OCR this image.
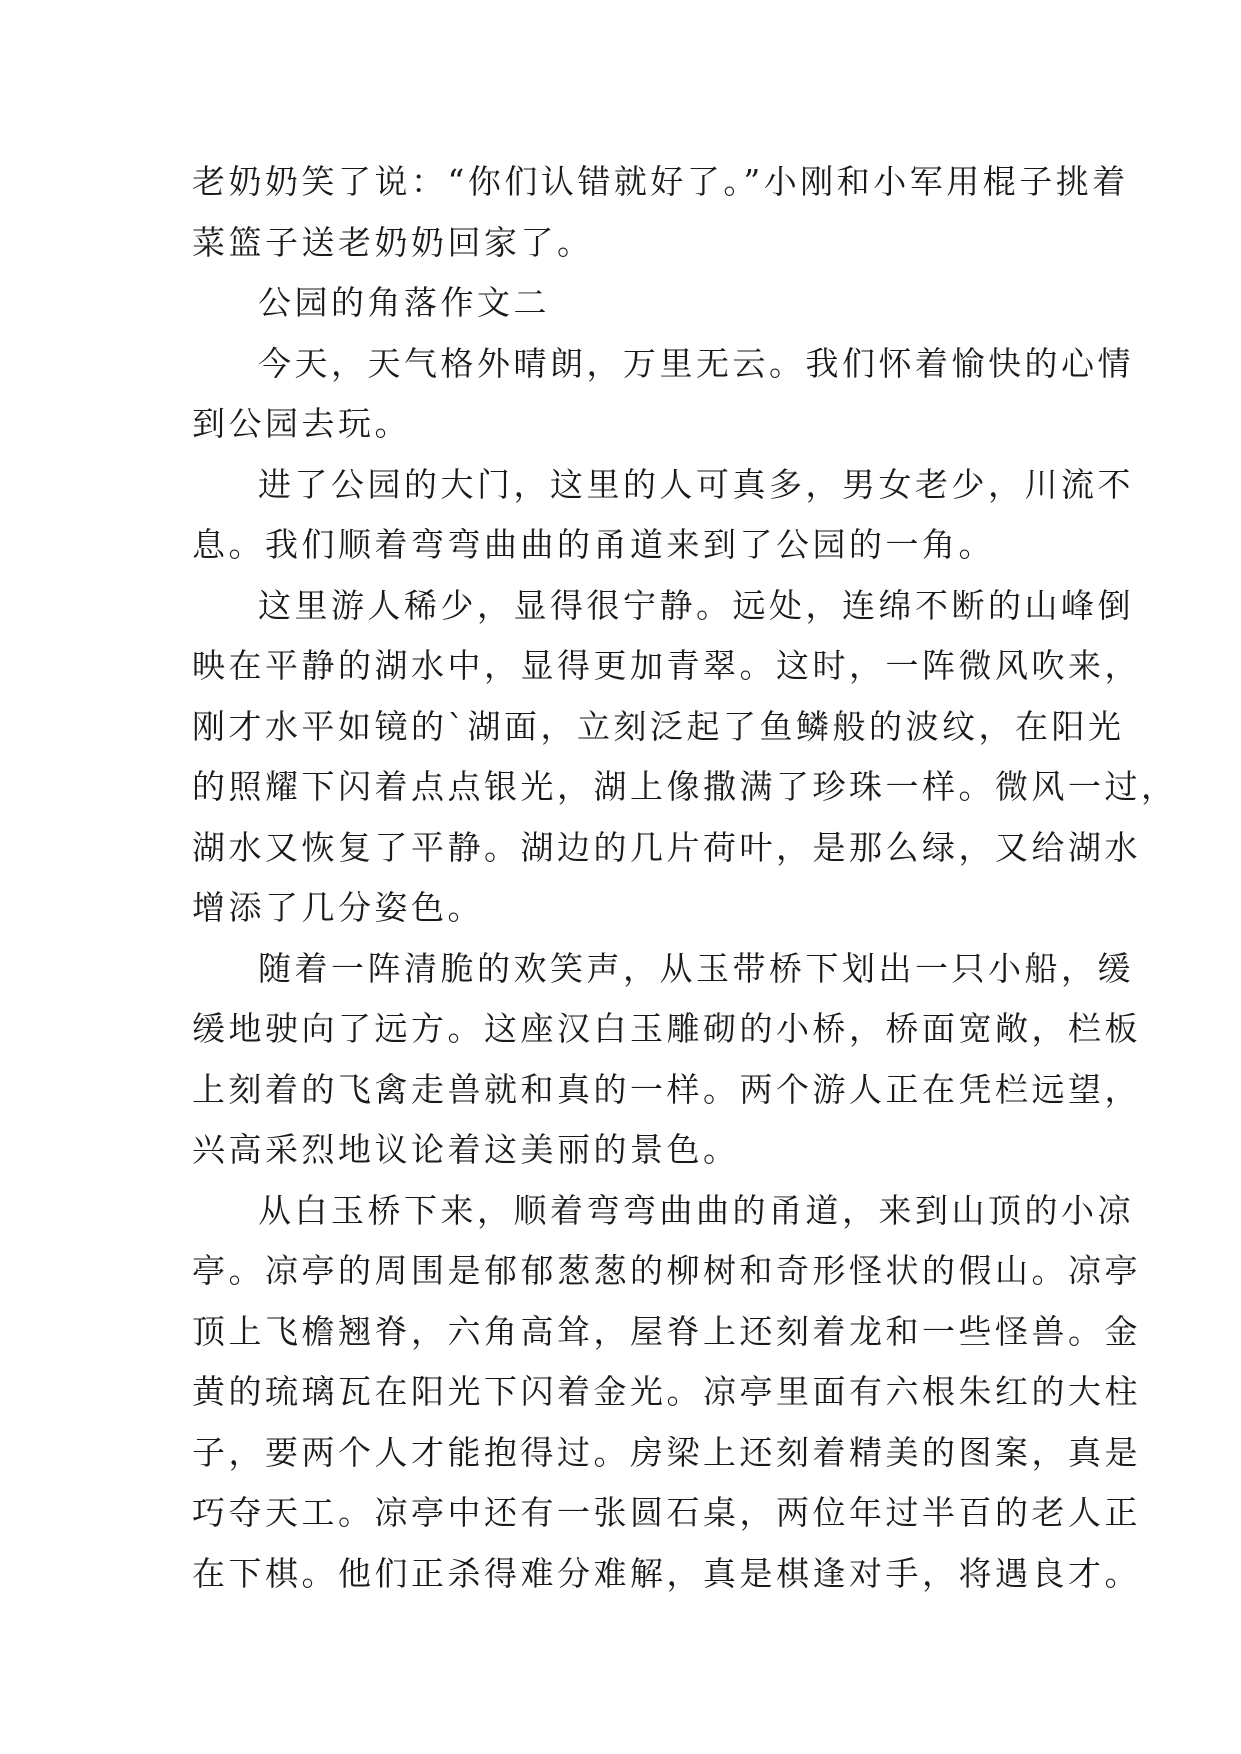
老奶奶笑了说：“你们认错就好了。”小刚和小军用棍子挑着
菜篮子送老奶奶回家了。
公园的角落作文二
今天，天气格外晴朗，万里无云。我们怀着愉快的心情
到公园去玩。
进了公园的大门，这里的人可真多，男女老少，川流不
息。我们顺着弯弯曲曲的甬道来到了公园的一角。
这里游人稀少，显得很宁静。远处，连绵不断的山峰倒
映在平静的湖水中，显得更加青翠。这时，一阵微风吹来，
刚才水平如镜的`湖面，立刻泛起了鱼鳞般的波纹，在阳光
的照耀下闪着点点银光，湖上像撒满了珍珠一样。微风一过，
湖水又恢复了平静。湖边的几片荷叶，是那么绿，又给湖水
增添了几分姿色。
随着一阵清脆的欢笑声，从玉带桥下划出一只小船，缓
缓地驶向了远方。这座汉白玉雕砌的小桥，桥面宽敞，栏板
上刻着的飞禽走兽就和真的一样。两个游人正在凭栏远望，
兴高采烈地议论着这美丽的景色。
从白玉桥下来，顺着弯弯曲曲的甬道，来到山顶的小凉
亭。凉亭的周围是郁郁葱葱的柳树和奇形怪状的假山。凉亭
顶上飞檐翘脊，六角高耸，屋脊上还刻着龙和一些怪兽。金
黄的琉璃瓦在阳光下闪着金光。凉亭里面有六根朱红的大柱
子，要两个人才能抱得过。房梁上还刻着精美的图案，真是
巧夺天工。凉亭中还有一张圆石桌，两位年过半百的老人正
在下棋。他们正杀得难分难解，真是棋逢对手，将遇良才。
